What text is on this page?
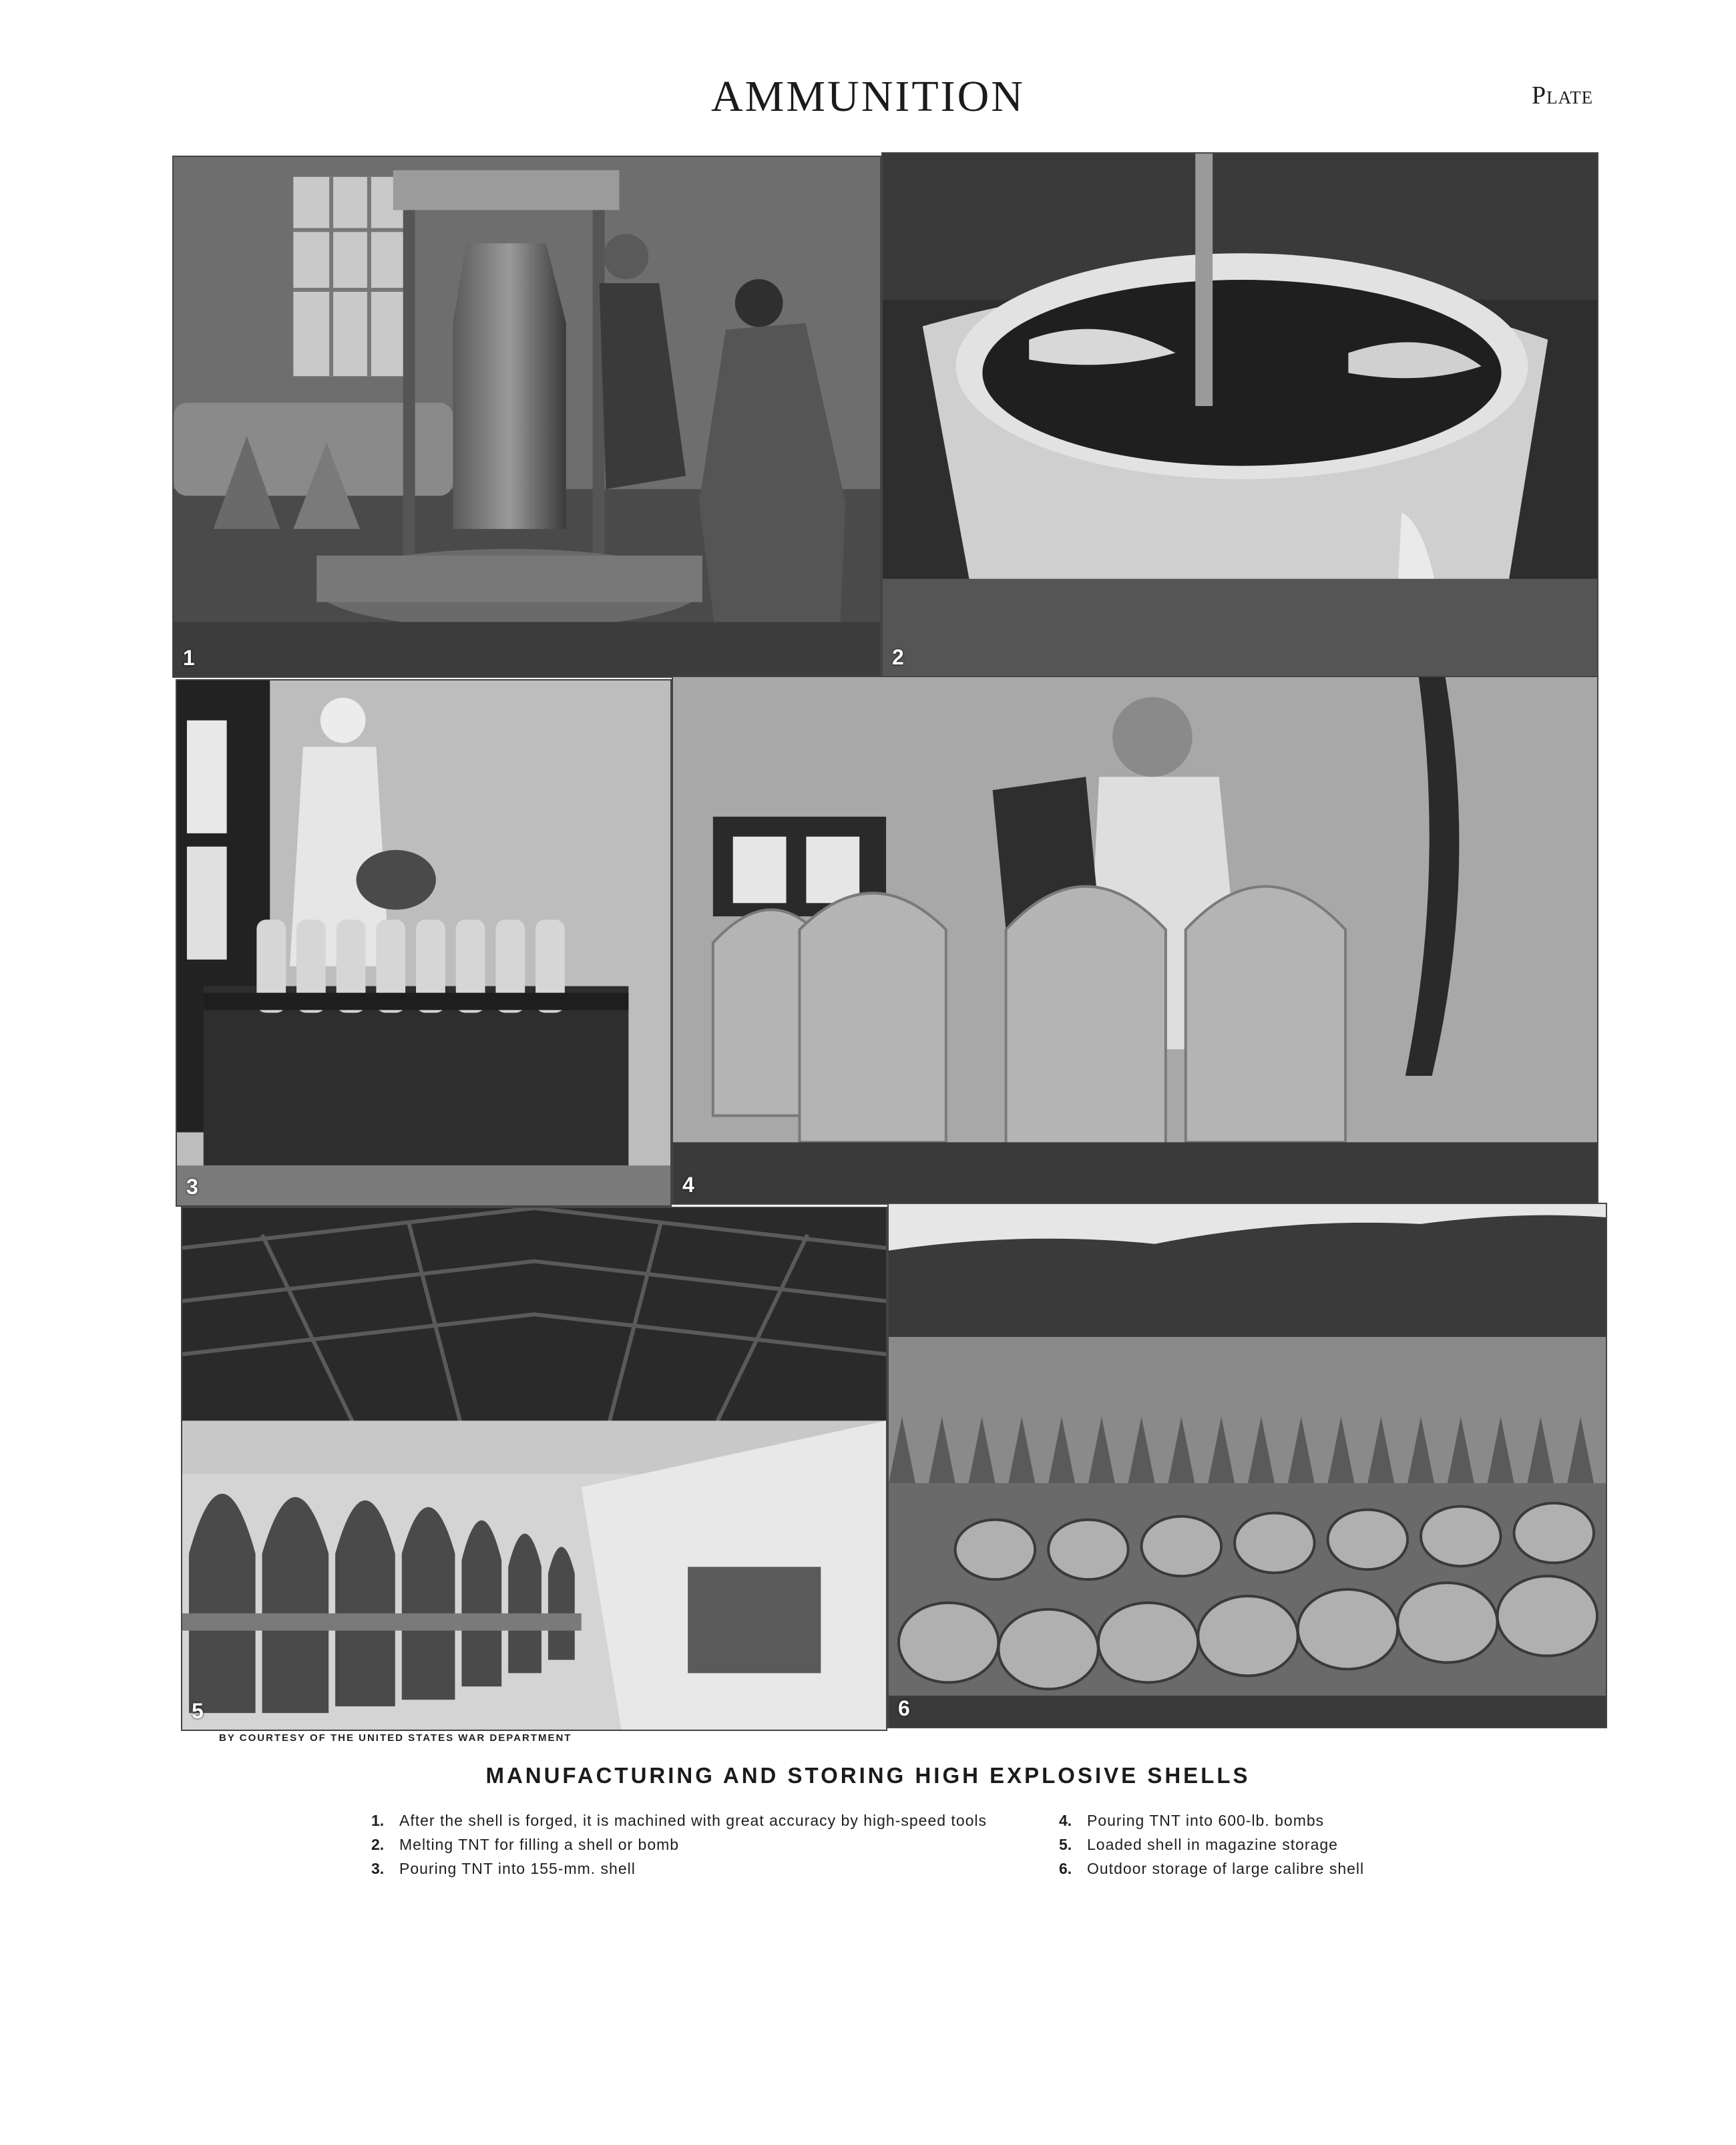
AMMUNITION	Plate
1	2
3	4
5	6
BY COURTESY OF THE UNITED STATES WAR DEPARTMENT
MANUFACTURING AND STORING HIGH EXPLOSIVE SHELLS
1. After the shell is forged, it is machined with great accuracy by high-speed tools
2. Melting TNT for filling a shell or bomb
3. Pouring TNT into 155-mm. shell
4. Pouring TNT into 600-lb. bombs
5. Loaded shell in magazine storage
6. Outdoor storage of large calibre shell
